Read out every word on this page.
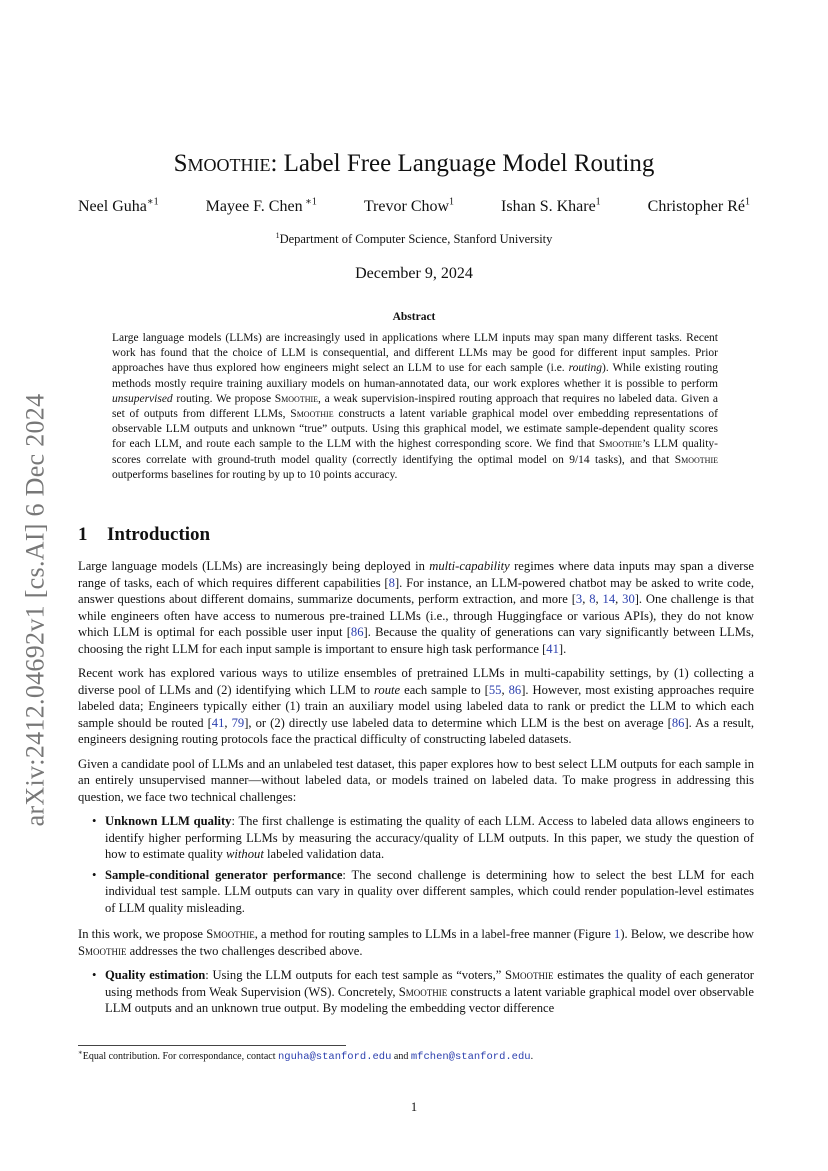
arXiv:2412.04692v1 [cs.AI] 6 Dec 2024
Smoothie: Label Free Language Model Routing
Neel Guha$^{∗1}$	Mayee F. Chen $^{∗1}$	Trevor Chow$^1$	Ishan S. Khare$^1$	Christopher $Ré^1$
$^1$Department of Computer Science, Stanford University
December 9, 2024
Abstract

Large language models (LLMs) are increasingly used in applications where LLM inputs may span many different tasks. Recent work has found that the choice of LLM is consequential, and different LLMs may be good for different input samples. Prior approaches have thus explored how engineers might select an LLM to use for each sample (i.e. routing). While existing routing methods mostly require training auxiliary models on human-annotated data, our work explores whether it is possible to perform unsupervised routing. We propose Smoothie, a weak supervision-inspired routing approach that requires no labeled data. Given a set of outputs from different LLMs, Smoothie constructs a latent variable graphical model over embedding representations of observable LLM outputs and unknown “true” outputs. Using this graphical model, we estimate sample-dependent quality scores for each LLM, and route each sample to the LLM with the highest corresponding score. We find that Smoothie’s LLM quality-scores correlate with ground-truth model quality (correctly identifying the optimal model on 9/14 tasks), and that Smoothie outperforms baselines for routing by up to 10 points accuracy.

1 Introduction

Large language models (LLMs) are increasingly being deployed in multi-capability regimes where data inputs may span a diverse range of tasks, each of which requires different capabilities [8]. For instance, an LLM-powered chatbot may be asked to write code, answer questions about different domains, summarize documents, perform extraction, and more [3, 8, 14, 30]. One challenge is that while engineers often have access to numerous pre-trained LLMs (i.e., through Huggingface or various APIs), they do not know which LLM is optimal for each possible user input [86]. Because the quality of generations can vary significantly between LLMs, choosing the right LLM for each input sample is important to ensure high task performance [41].

Recent work has explored various ways to utilize ensembles of pretrained LLMs in multi-capability settings, by (1) collecting a diverse pool of LLMs and (2) identifying which LLM to route each sample to [55, 86]. However, most existing approaches require labeled data; Engineers typically either (1) train an auxiliary model using labeled data to rank or predict the LLM to which each sample should be routed [41, 79], or (2) directly use labeled data to determine which LLM is the best on average [86]. As a result, engineers designing routing protocols face the practical difficulty of constructing labeled datasets.

Given a candidate pool of LLMs and an unlabeled test dataset, this paper explores how to best select LLM outputs for each sample in an entirely unsupervised manner—without labeled data, or models trained on labeled data. To make progress in addressing this question, we face two technical challenges:

• Unknown LLM quality: The first challenge is estimating the quality of each LLM. Access to labeled data allows engineers to identify higher performing LLMs by measuring the accuracy/quality of LLM outputs. In this paper, we study the question of how to estimate quality without labeled validation data.
• Sample-conditional generator performance: The second challenge is determining how to select the best LLM for each individual test sample. LLM outputs can vary in quality over different samples, which could render population-level estimates of LLM quality misleading.

In this work, we propose Smoothie, a method for routing samples to LLMs in a label-free manner (Figure 1). Below, we describe how Smoothie addresses the two challenges described above.

• Quality estimation: Using the LLM outputs for each test sample as “voters,” Smoothie estimates the quality of each generator using methods from Weak Supervision (WS). Concretely, Smoothie constructs a latent variable graphical model over observable LLM outputs and an unknown true output. By modeling the embedding vector difference
∗Equal contribution. For correspondance, contact nguha@stanford.edu and mfchen@stanford.edu.
1
